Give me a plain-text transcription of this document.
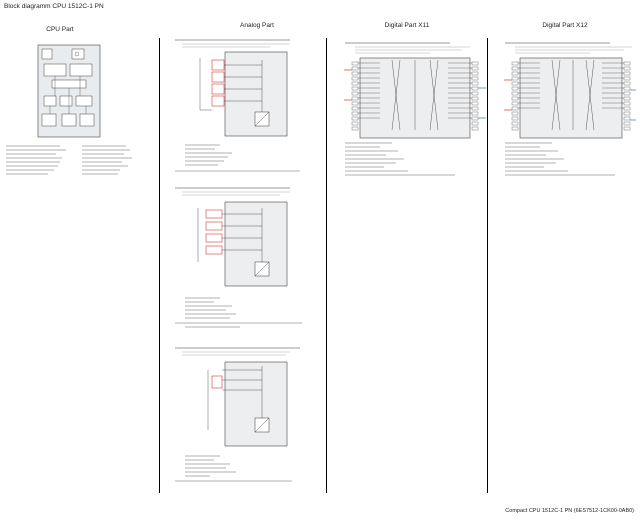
Block diagramm CPU 1512C-1 PN
CPU Part
Analog Part	Digital Part X11	Digital Part X12
Compact CPU 1512C-1 PN (6ES7512-1CK00-0AB0)
